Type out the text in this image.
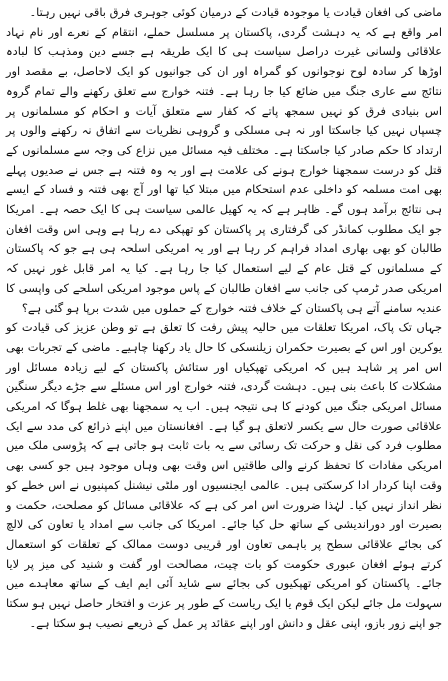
ماضی کی افغان قیادت یا موجودہ قیادت کے درمیان کوئی جوہری فرق باقی نہیں رہتا۔

امر واقع ہے کہ یہ دہشت گردی، پاکستان پر مسلسل حملے، انتقام کے نعرے اور نام نہاد علاقائی ولسانی غیرت دراصل سیاست ہی کا ایک طریقہ ہے جسے دین ومذہب کا لبادہ اوڑھا کر سادہ لوح نوجوانوں کو گمراہ اور ان کی جوانیوں کو ایک لاحاصل، بے مقصد اور نتائج سے عاری جنگ میں ضائع کیا جا رہا ہے۔ فتنہ خوارج سے تعلق رکھنے والے تمام گروہ اس بنیادی فرق کو نہیں سمجھ پاتے کہ کفار سے متعلق آیات و احکام کو مسلمانوں پر چسپاں نہیں کیا جاسکتا اور نہ ہی مسلکی و گروہی نظریات سے اتفاق نہ رکھنے والوں پر ارتداد کا حکم صادر کیا جاسکتا ہے۔ مختلف فیہ مسائل میں نزاع کی وجہ سے مسلمانوں کے قتل کو درست سمجھنا خوارج ہونے کی علامت ہے اور یہ وہ فتنہ ہے جس نے صدیوں پہلے بھی امت مسلمہ کو داخلی عدم استحکام میں مبتلا کیا تھا اور آج بھی فتنہ و فساد کے ایسے ہی نتائج برآمد ہوں گے۔ ظاہر ہے کہ یہ کھیل عالمی سیاست ہی کا ایک حصہ ہے۔ امریکا جو ایک مطلوب کمانڈر کی گرفتاری پر پاکستان کو تھپکی دے رہا ہے وہی اس وقت افغان طالبان کو بھی بھاری امداد فراہم کر رہا ہے اور یہ امریکی اسلحہ ہی ہے جو کہ پاکستان کے مسلمانوں کے قتل عام کے لیے استعمال کیا جا رہا ہے۔ کیا یہ امر قابل غور نہیں کہ امریکی صدر ٹرمپ کی جانب سے افغان طالبان کے پاس موجود امریکی اسلحے کی واپسی کا عندیہ سامنے آتے ہی پاکستان کے خلاف فتنہ خوارج کے حملوں میں شدت برپا ہو گئی ہے؟

جہاں تک پاک، امریکا تعلقات میں حالیہ پیش رفت کا تعلق ہے تو وطن عزیز کی قیادت کو یوکرین اور اس کے بصیرت حکمران زیلنسکی کا حال یاد رکھنا چاہیے۔ ماضی کے تجربات بھی اس امر پر شاہد ہیں کہ امریکی تھپکیاں اور ستائش پاکستان کے لیے زیادہ مسائل اور مشکلات کا باعث بنی ہیں۔ دہشت گردی، فتنہ خوارج اور اس مسئلے سے جڑے دیگر سنگین مسائل امریکی جنگ میں کودنے کا ہی نتیجہ ہیں۔ اب یہ سمجھنا بھی غلط ہوگا کہ امریکی علاقائی صورت حال سے یکسر لاتعلق ہو گیا ہے۔ افغانستان میں اپنے ذرائع کی مدد سے ایک مطلوب فرد کی نقل و حرکت تک رسائی سے یہ بات ثابت ہو جاتی ہے کہ پڑوسی ملک میں امریکی مفادات کا تحفظ کرنے والی طاقتیں اس وقت بھی وہاں موجود ہیں جو کسی بھی وقت اپنا کردار ادا کرسکتی ہیں۔ عالمی ایجنسیوں اور ملٹی نیشنل کمپنیوں نے اس خطے کو نظر انداز نہیں کیا۔ لہٰذا ضرورت اس امر کی ہے کہ علاقائی مسائل کو مصلحت، حکمت و بصیرت اور دوراندیشی کے ساتھ حل کیا جائے۔ امریکا کی جانب سے امداد یا تعاون کی لالچ کی بجائے علاقائی سطح پر باہمی تعاون اور قریبی دوست ممالک کے تعلقات کو استعمال کرتے ہوئے افغان عبوری حکومت کو بات چیت، مصالحت اور گفت و شنید کی میز پر لایا جائے۔ پاکستان کو امریکی تھپکیوں کی بجائے سے شاید آئی ایم ایف کے ساتھ معاہدے میں سہولت مل جائے لیکن ایک قوم یا ایک ریاست کے طور پر عزت و افتخار حاصل نہیں ہو سکتا جو اپنے زور بازو، اپنی عقل و دانش اور اپنے عقائد پر عمل کے ذریعے نصیب ہو سکتا ہے۔
